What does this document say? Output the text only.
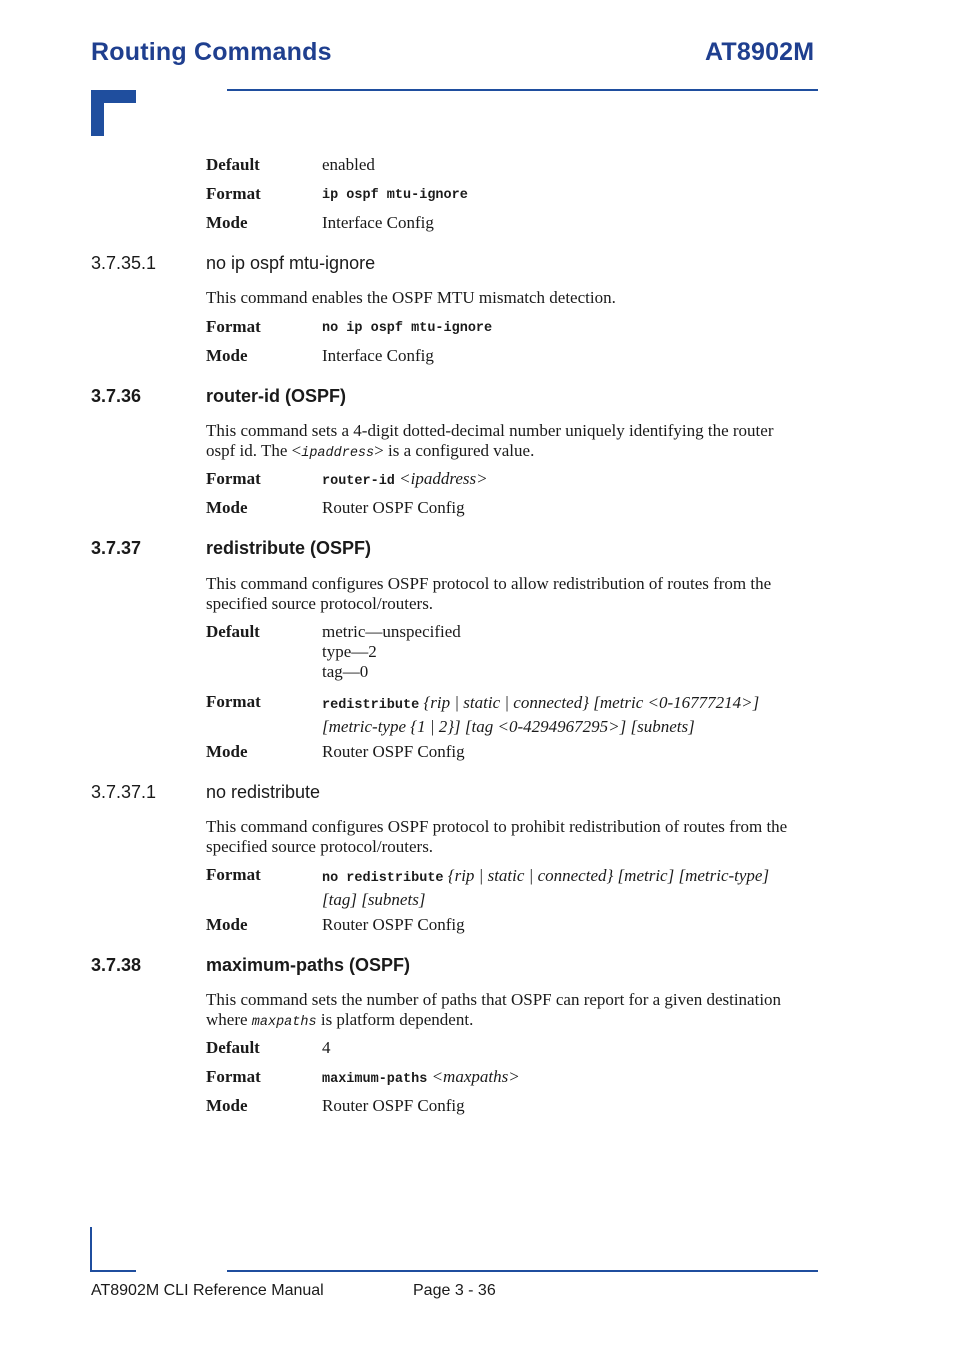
Routing Commands	AT8902M
Default	enabled
Format	ip ospf mtu-ignore
Mode	Interface Config
3.7.35.1	no ip ospf mtu-ignore
This command enables the OSPF MTU mismatch detection.
Format	no ip ospf mtu-ignore
Mode	Interface Config
3.7.36	router-id (OSPF)
This command sets a 4-digit dotted-decimal number uniquely identifying the router
ospf id. The <ipaddress> is a configured value.
Format	router-id <ipaddress>
Mode	Router OSPF Config
3.7.37	redistribute (OSPF)
This command configures OSPF protocol to allow redistribution of routes from the
specified source protocol/routers.
Default	metric—unspecified
type—2
tag—0
Format	redistribute {rip | static | connected} [metric <0-16777214>]
[metric-type {1 | 2}] [tag <0-4294967295>] [subnets]
Mode	Router OSPF Config
3.7.37.1	no redistribute
This command configures OSPF protocol to prohibit redistribution of routes from the
specified source protocol/routers.
Format	no redistribute {rip | static | connected} [metric] [metric-type]
[tag] [subnets]
Mode	Router OSPF Config
3.7.38	maximum-paths (OSPF)
This command sets the number of paths that OSPF can report for a given destination
where maxpaths is platform dependent.
Default	4
Format	maximum-paths <maxpaths>
Mode	Router OSPF Config
AT8902M CLI Reference Manual	Page 3 - 36
